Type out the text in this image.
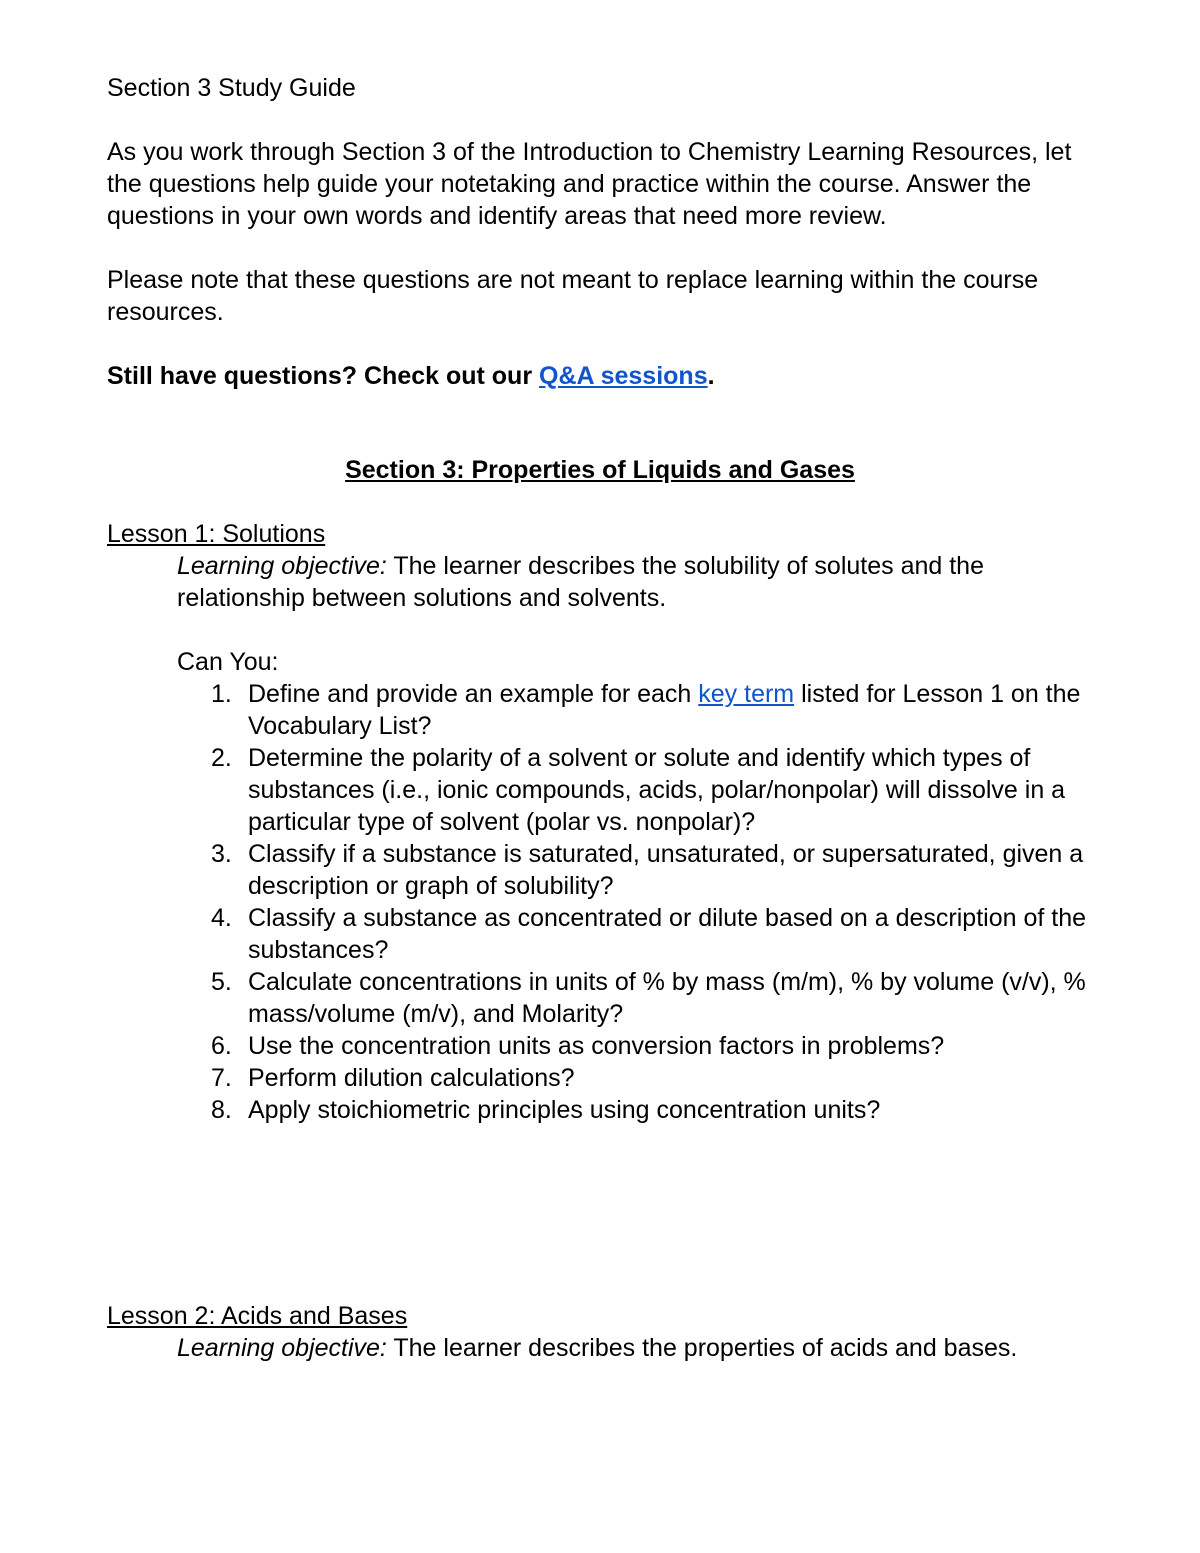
Section 3 Study Guide

As you work through Section 3 of the Introduction to Chemistry Learning Resources, let the questions help guide your notetaking and practice within the course. Answer the questions in your own words and identify areas that need more review.

Please note that these questions are not meant to replace learning within the course resources.

Still have questions? Check out our Q&A sessions.

Section 3: Properties of Liquids and Gases

Lesson 1: Solutions

Learning objective: The learner describes the solubility of solutes and the relationship between solutions and solvents.

Can You:

1. Define and provide an example for each key term listed for Lesson 1 on the Vocabulary List?
2. Determine the polarity of a solvent or solute and identify which types of substances (i.e., ionic compounds, acids, polar/nonpolar) will dissolve in a particular type of solvent (polar vs. nonpolar)?
3. Classify if a substance is saturated, unsaturated, or supersaturated, given a description or graph of solubility?
4. Classify a substance as concentrated or dilute based on a description of the substances?
5. Calculate concentrations in units of % by mass (m/m), % by volume (v/v), % mass/volume (m/v), and Molarity?
6. Use the concentration units as conversion factors in problems?
7. Perform dilution calculations?
8. Apply stoichiometric principles using concentration units?

Lesson 2: Acids and Bases

Learning objective: The learner describes the properties of acids and bases.
